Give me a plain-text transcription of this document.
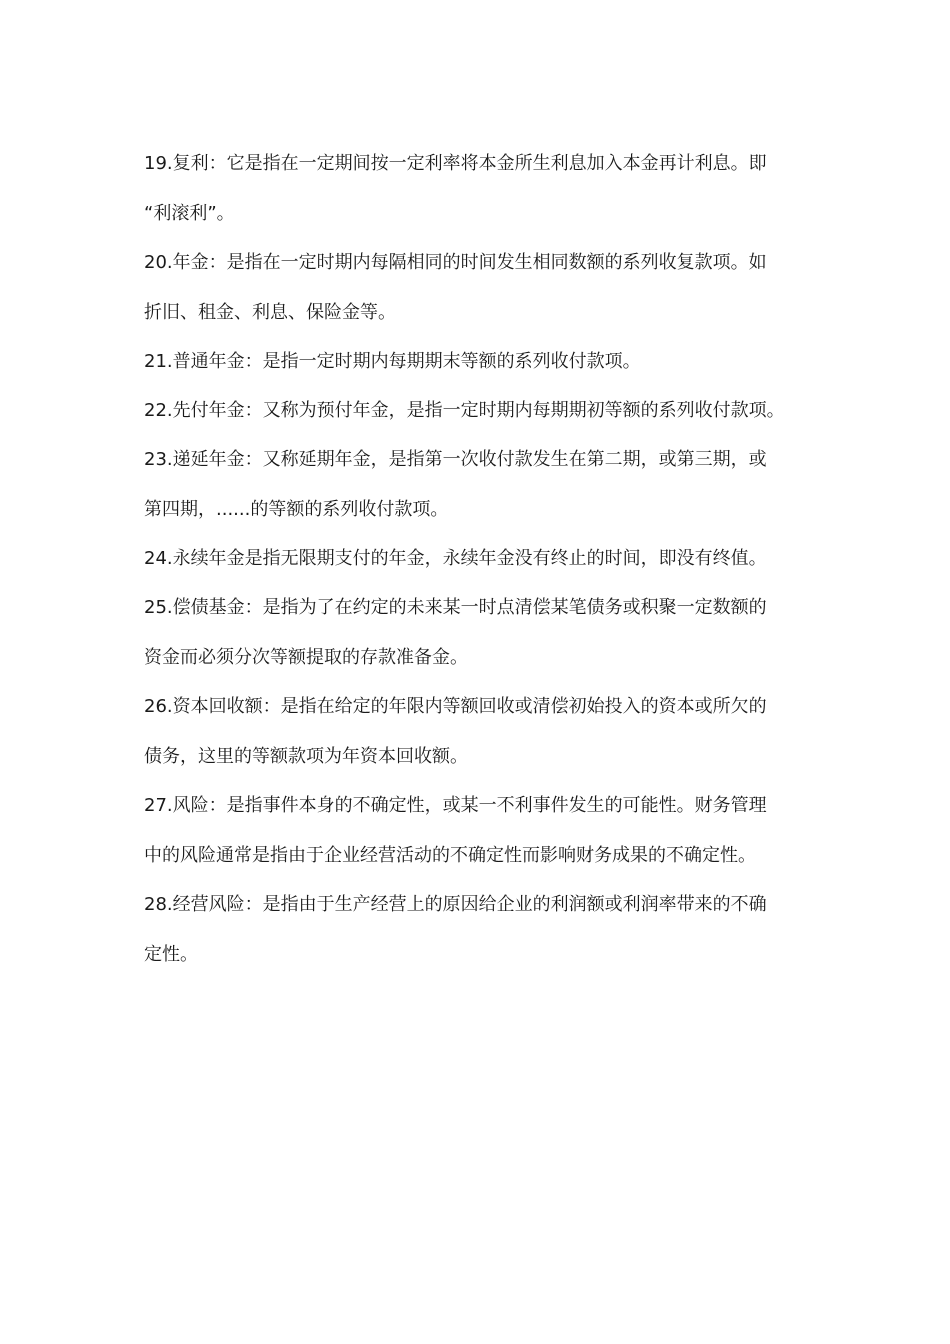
19.复利：它是指在一定期间按一定利率将本金所生利息加入本金再计利息。即
“利滚利”。
20.年金：是指在一定时期内每隔相同的时间发生相同数额的系列收复款项。如
折旧、租金、利息、保险金等。
21.普通年金：是指一定时期内每期期末等额的系列收付款项。
22.先付年金：又称为预付年金，是指一定时期内每期期初等额的系列收付款项。
23.递延年金：又称延期年金，是指第一次收付款发生在第二期，或第三期，或
第四期，......的等额的系列收付款项。
24.永续年金是指无限期支付的年金，永续年金没有终止的时间，即没有终值。
25.偿债基金：是指为了在约定的未来某一时点清偿某笔债务或积聚一定数额的
资金而必须分次等额提取的存款准备金。
26.资本回收额：是指在给定的年限内等额回收或清偿初始投入的资本或所欠的
债务，这里的等额款项为年资本回收额。
27.风险：是指事件本身的不确定性，或某一不利事件发生的可能性。财务管理
中的风险通常是指由于企业经营活动的不确定性而影响财务成果的不确定性。
28.经营风险：是指由于生产经营上的原因给企业的利润额或利润率带来的不确
定性。
